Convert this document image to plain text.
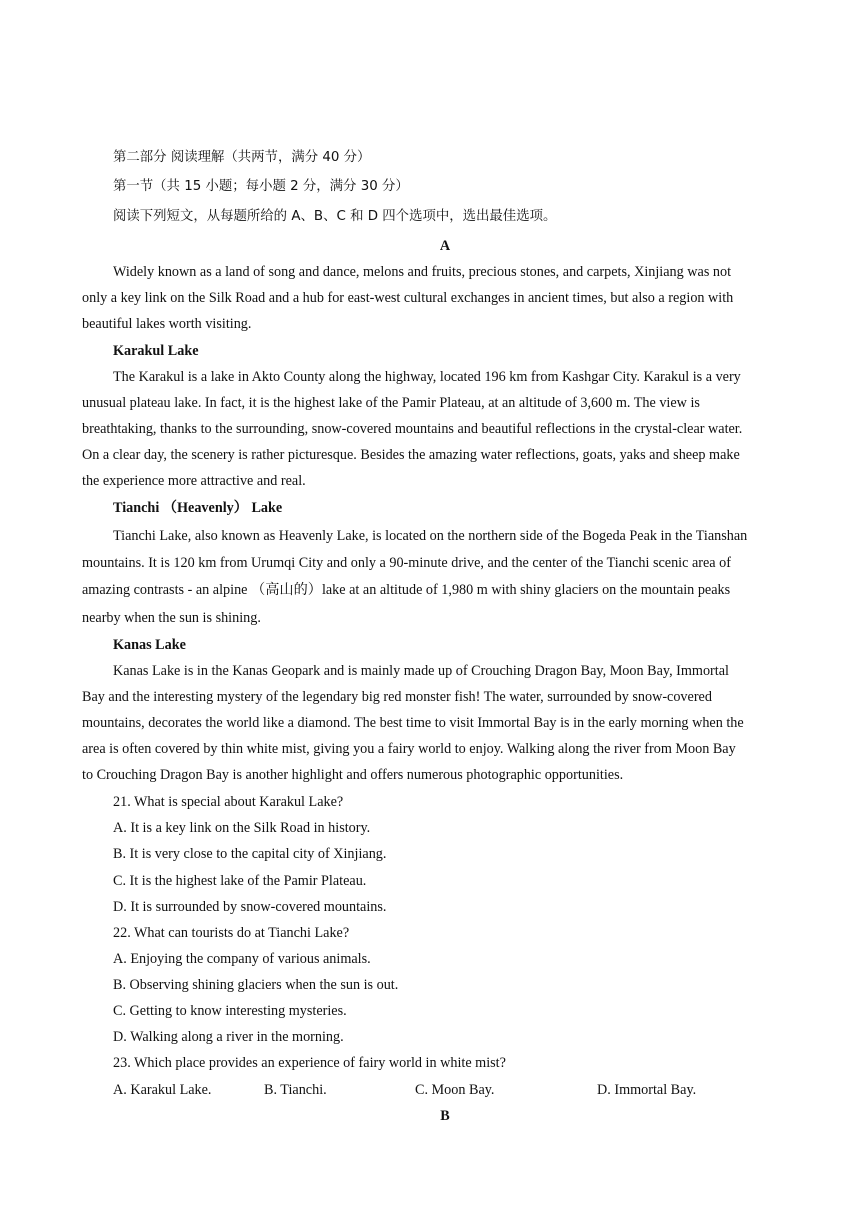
第二部分 阅读理解（共两节，满分 40 分）
第一节（共 15 小题；每小题 2 分，满分 30 分）
阅读下列短文，从每题所给的 A、B、C 和 D 四个选项中，选出最佳选项。
A
Widely known as a land of song and dance, melons and fruits, precious stones, and carpets, Xinjiang was not
only a key link on the Silk Road and a hub for east-west cultural exchanges in ancient times, but also a region with
beautiful lakes worth visiting.
Karakul Lake
The Karakul is a lake in Akto County along the highway, located 196 km from Kashgar City. Karakul is a very
unusual plateau lake. In fact, it is the highest lake of the Pamir Plateau, at an altitude of 3,600 m. The view is
breathtaking, thanks to the surrounding, snow-covered mountains and beautiful reflections in the crystal-clear water.
On a clear day, the scenery is rather picturesque. Besides the amazing water reflections, goats, yaks and sheep make
the experience more attractive and real.
Tianchi （Heavenly） Lake
Tianchi Lake, also known as Heavenly Lake, is located on the northern side of the Bogeda Peak in the Tianshan
mountains. It is 120 km from Urumqi City and only a 90-minute drive, and the center of the Tianchi scenic area of
amazing contrasts - an alpine （高山的）lake at an altitude of 1,980 m with shiny glaciers on the mountain peaks
nearby when the sun is shining.
Kanas Lake
Kanas Lake is in the Kanas Geopark and is mainly made up of Crouching Dragon Bay, Moon Bay, Immortal
Bay and the interesting mystery of the legendary big red monster fish! The water, surrounded by snow-covered
mountains, decorates the world like a diamond. The best time to visit Immortal Bay is in the early morning when the
area is often covered by thin white mist, giving you a fairy world to enjoy. Walking along the river from Moon Bay
to Crouching Dragon Bay is another highlight and offers numerous photographic opportunities.
21. What is special about Karakul Lake?
A. It is a key link on the Silk Road in history.
B. It is very close to the capital city of Xinjiang.
C. It is the highest lake of the Pamir Plateau.
D. It is surrounded by snow-covered mountains.
22. What can tourists do at Tianchi Lake?
A. Enjoying the company of various animals.
B. Observing shining glaciers when the sun is out.
C. Getting to know interesting mysteries.
D. Walking along a river in the morning.
23. Which place provides an experience of fairy world in white mist?
A. Karakul Lake.	B. Tianchi.	C. Moon Bay.	D. Immortal Bay.
B
